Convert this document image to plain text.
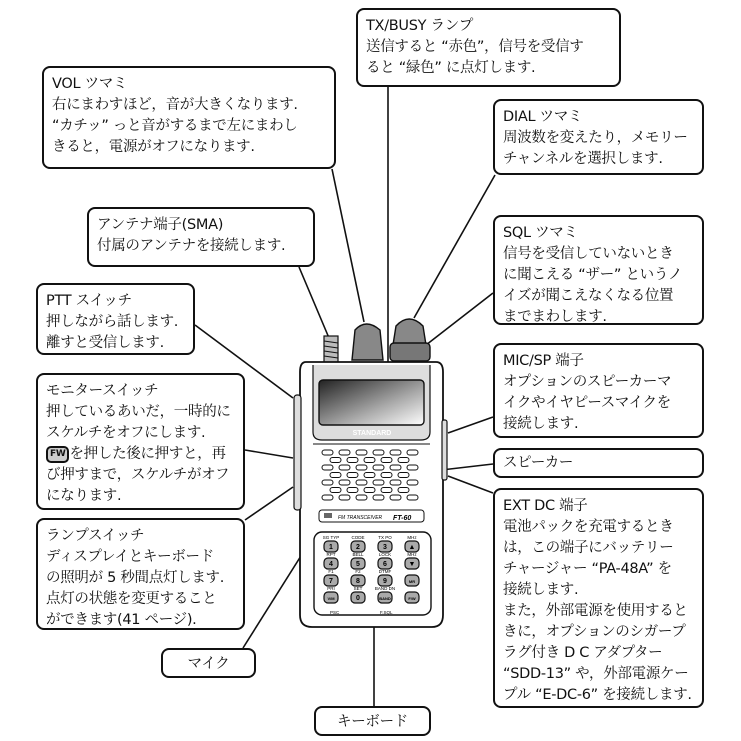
STANDARD
FM TRANSCEIVER FT-60
SG TYP
1
CODE
2
TX PO
3
MHz
▲
RPT
4
BELL
5
LOCK
6
MHz
▼
F1
7
F2
8
DTMF
9	MR
PRI
V/M
SET
0
BAND DN
BAND	F/W
PSC	F.SQL
TX/BUSY ランプ
送信すると “赤色”，信号を受信す
ると “緑色” に点灯します.
VOL ツマミ
右にまわすほど，音が大きくなります.
“カチッ” っと音がするまで左にまわし
きると，電源がオフになります.
DIAL ツマミ
周波数を変えたり，メモリー
チャンネルを選択します.
アンテナ端子(SMA)
付属のアンテナを接続します.
SQL ツマミ
信号を受信していないとき
に聞こえる “ザー” というノ
イズが聞こえなくなる位置
までまわします.
PTT スイッチ
押しながら話します.
離すと受信します.
MIC/SP 端子
オプションのスピーカーマ
イクやイヤピースマイクを
接続します.
モニタースイッチ
押しているあいだ，一時的に
スケルチをオフにします.
FW を押した後に押すと，再
び押すまで，スケルチがオフ
になります.
スピーカー
EXT DC 端子
電池パックを充電するとき
は，この端子にバッテリー
チャージャー “PA-48A” を
接続します.
また，外部電源を使用すると
きに，オプションのシガープ
ラグ付き D C アダプター
“SDD-13” や，外部電源ケー
プル “E-DC-6” を接続します.
ランプスイッチ
ディスプレイとキーボード
の照明が 5 秒間点灯します.
点灯の状態を変更すること
ができます(41 ページ).
マイク
キーボード
